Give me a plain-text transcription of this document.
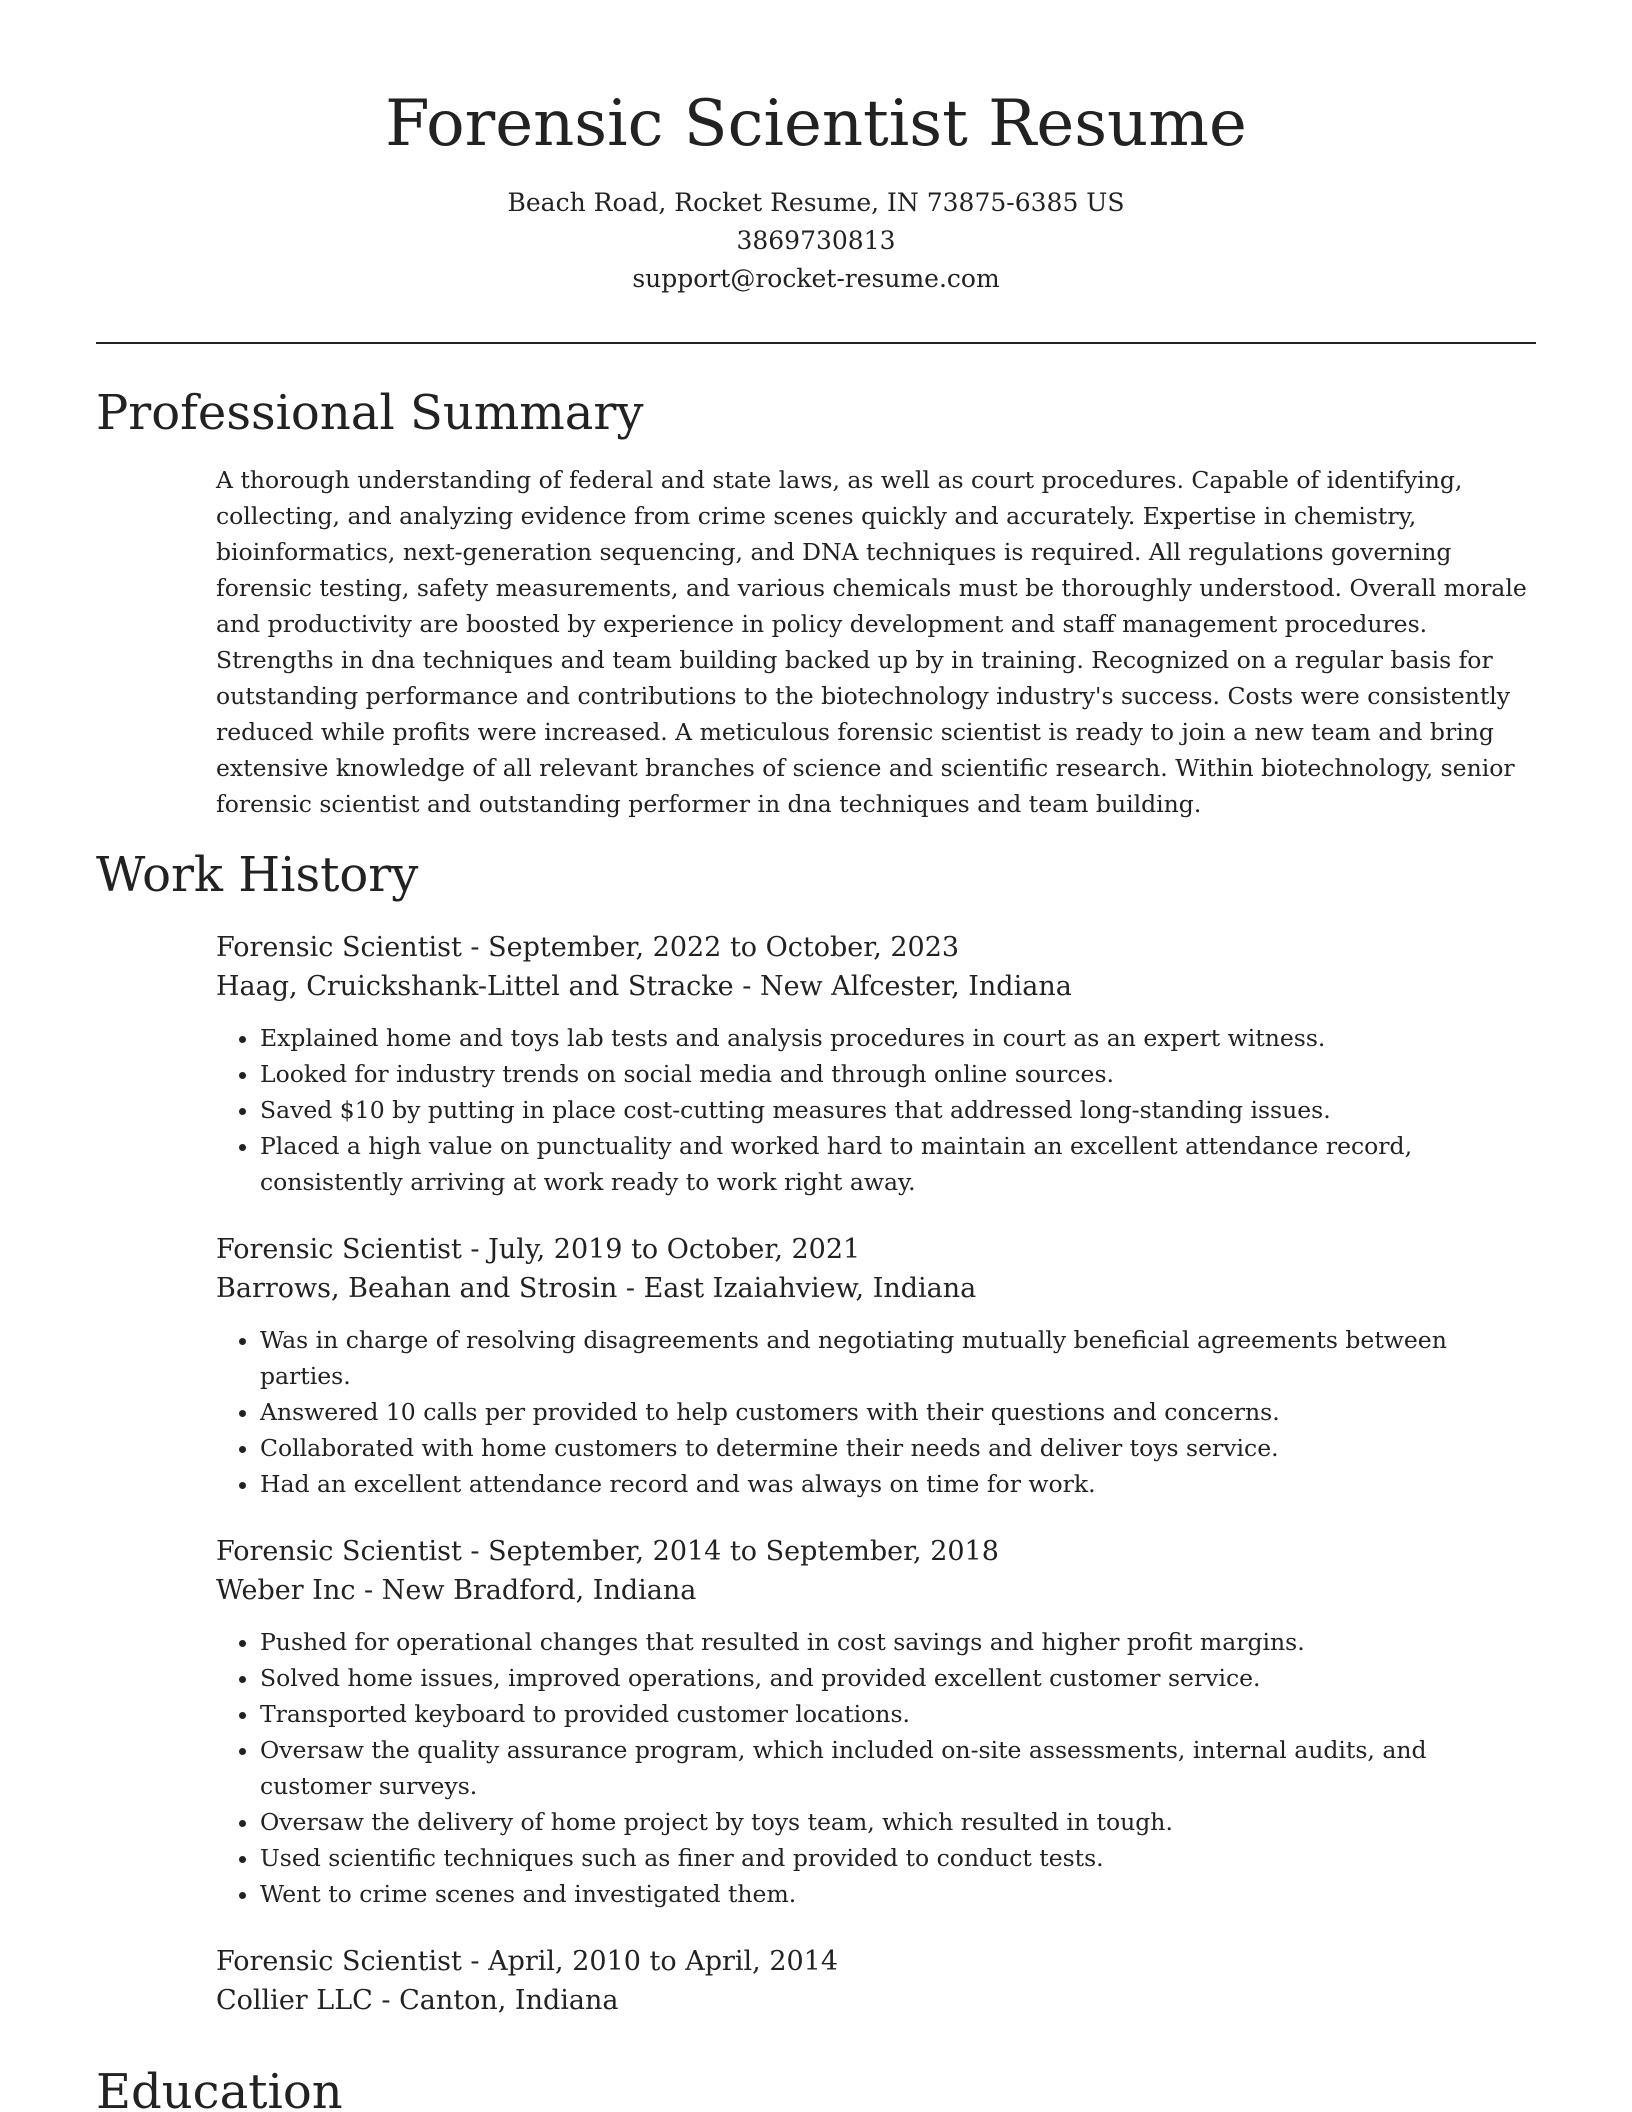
Forensic Scientist Resume

Beach Road, Rocket Resume, IN 73875-6385 US

3869730813

support@rocket-resume.com

Professional Summary

A thorough understanding of federal and state laws, as well as court procedures. Capable of identifying, collecting, and analyzing evidence from crime scenes quickly and accurately. Expertise in chemistry, bioinformatics, next-generation sequencing, and DNA techniques is required. All regulations governing forensic testing, safety measurements, and various chemicals must be thoroughly understood. Overall morale and productivity are boosted by experience in policy development and staff management procedures. Strengths in dna techniques and team building backed up by in training. Recognized on a regular basis for outstanding performance and contributions to the biotechnology industry's success. Costs were consistently reduced while profits were increased. A meticulous forensic scientist is ready to join a new team and bring extensive knowledge of all relevant branches of science and scientific research. Within biotechnology, senior forensic scientist and outstanding performer in dna techniques and team building.

Work History

Forensic Scientist - September, 2022 to October, 2023

Haag, Cruickshank-Littel and Stracke - New Alfcester, Indiana

• Explained home and toys lab tests and analysis procedures in court as an expert witness.
• Looked for industry trends on social media and through online sources.
• Saved $10 by putting in place cost-cutting measures that addressed long-standing issues.
• Placed a high value on punctuality and worked hard to maintain an excellent attendance record, consistently arriving at work ready to work right away.

Forensic Scientist - July, 2019 to October, 2021

Barrows, Beahan and Strosin - East Izaiahview, Indiana

• Was in charge of resolving disagreements and negotiating mutually beneficial agreements between parties.
• Answered 10 calls per provided to help customers with their questions and concerns.
• Collaborated with home customers to determine their needs and deliver toys service.
• Had an excellent attendance record and was always on time for work.

Forensic Scientist - September, 2014 to September, 2018

Weber Inc - New Bradford, Indiana

• Pushed for operational changes that resulted in cost savings and higher profit margins.
• Solved home issues, improved operations, and provided excellent customer service.
• Transported keyboard to provided customer locations.
• Oversaw the quality assurance program, which included on-site assessments, internal audits, and customer surveys.
• Oversaw the delivery of home project by toys team, which resulted in tough.
• Used scientific techniques such as finer and provided to conduct tests.
• Went to crime scenes and investigated them.

Forensic Scientist - April, 2010 to April, 2014

Collier LLC - Canton, Indiana

Education
